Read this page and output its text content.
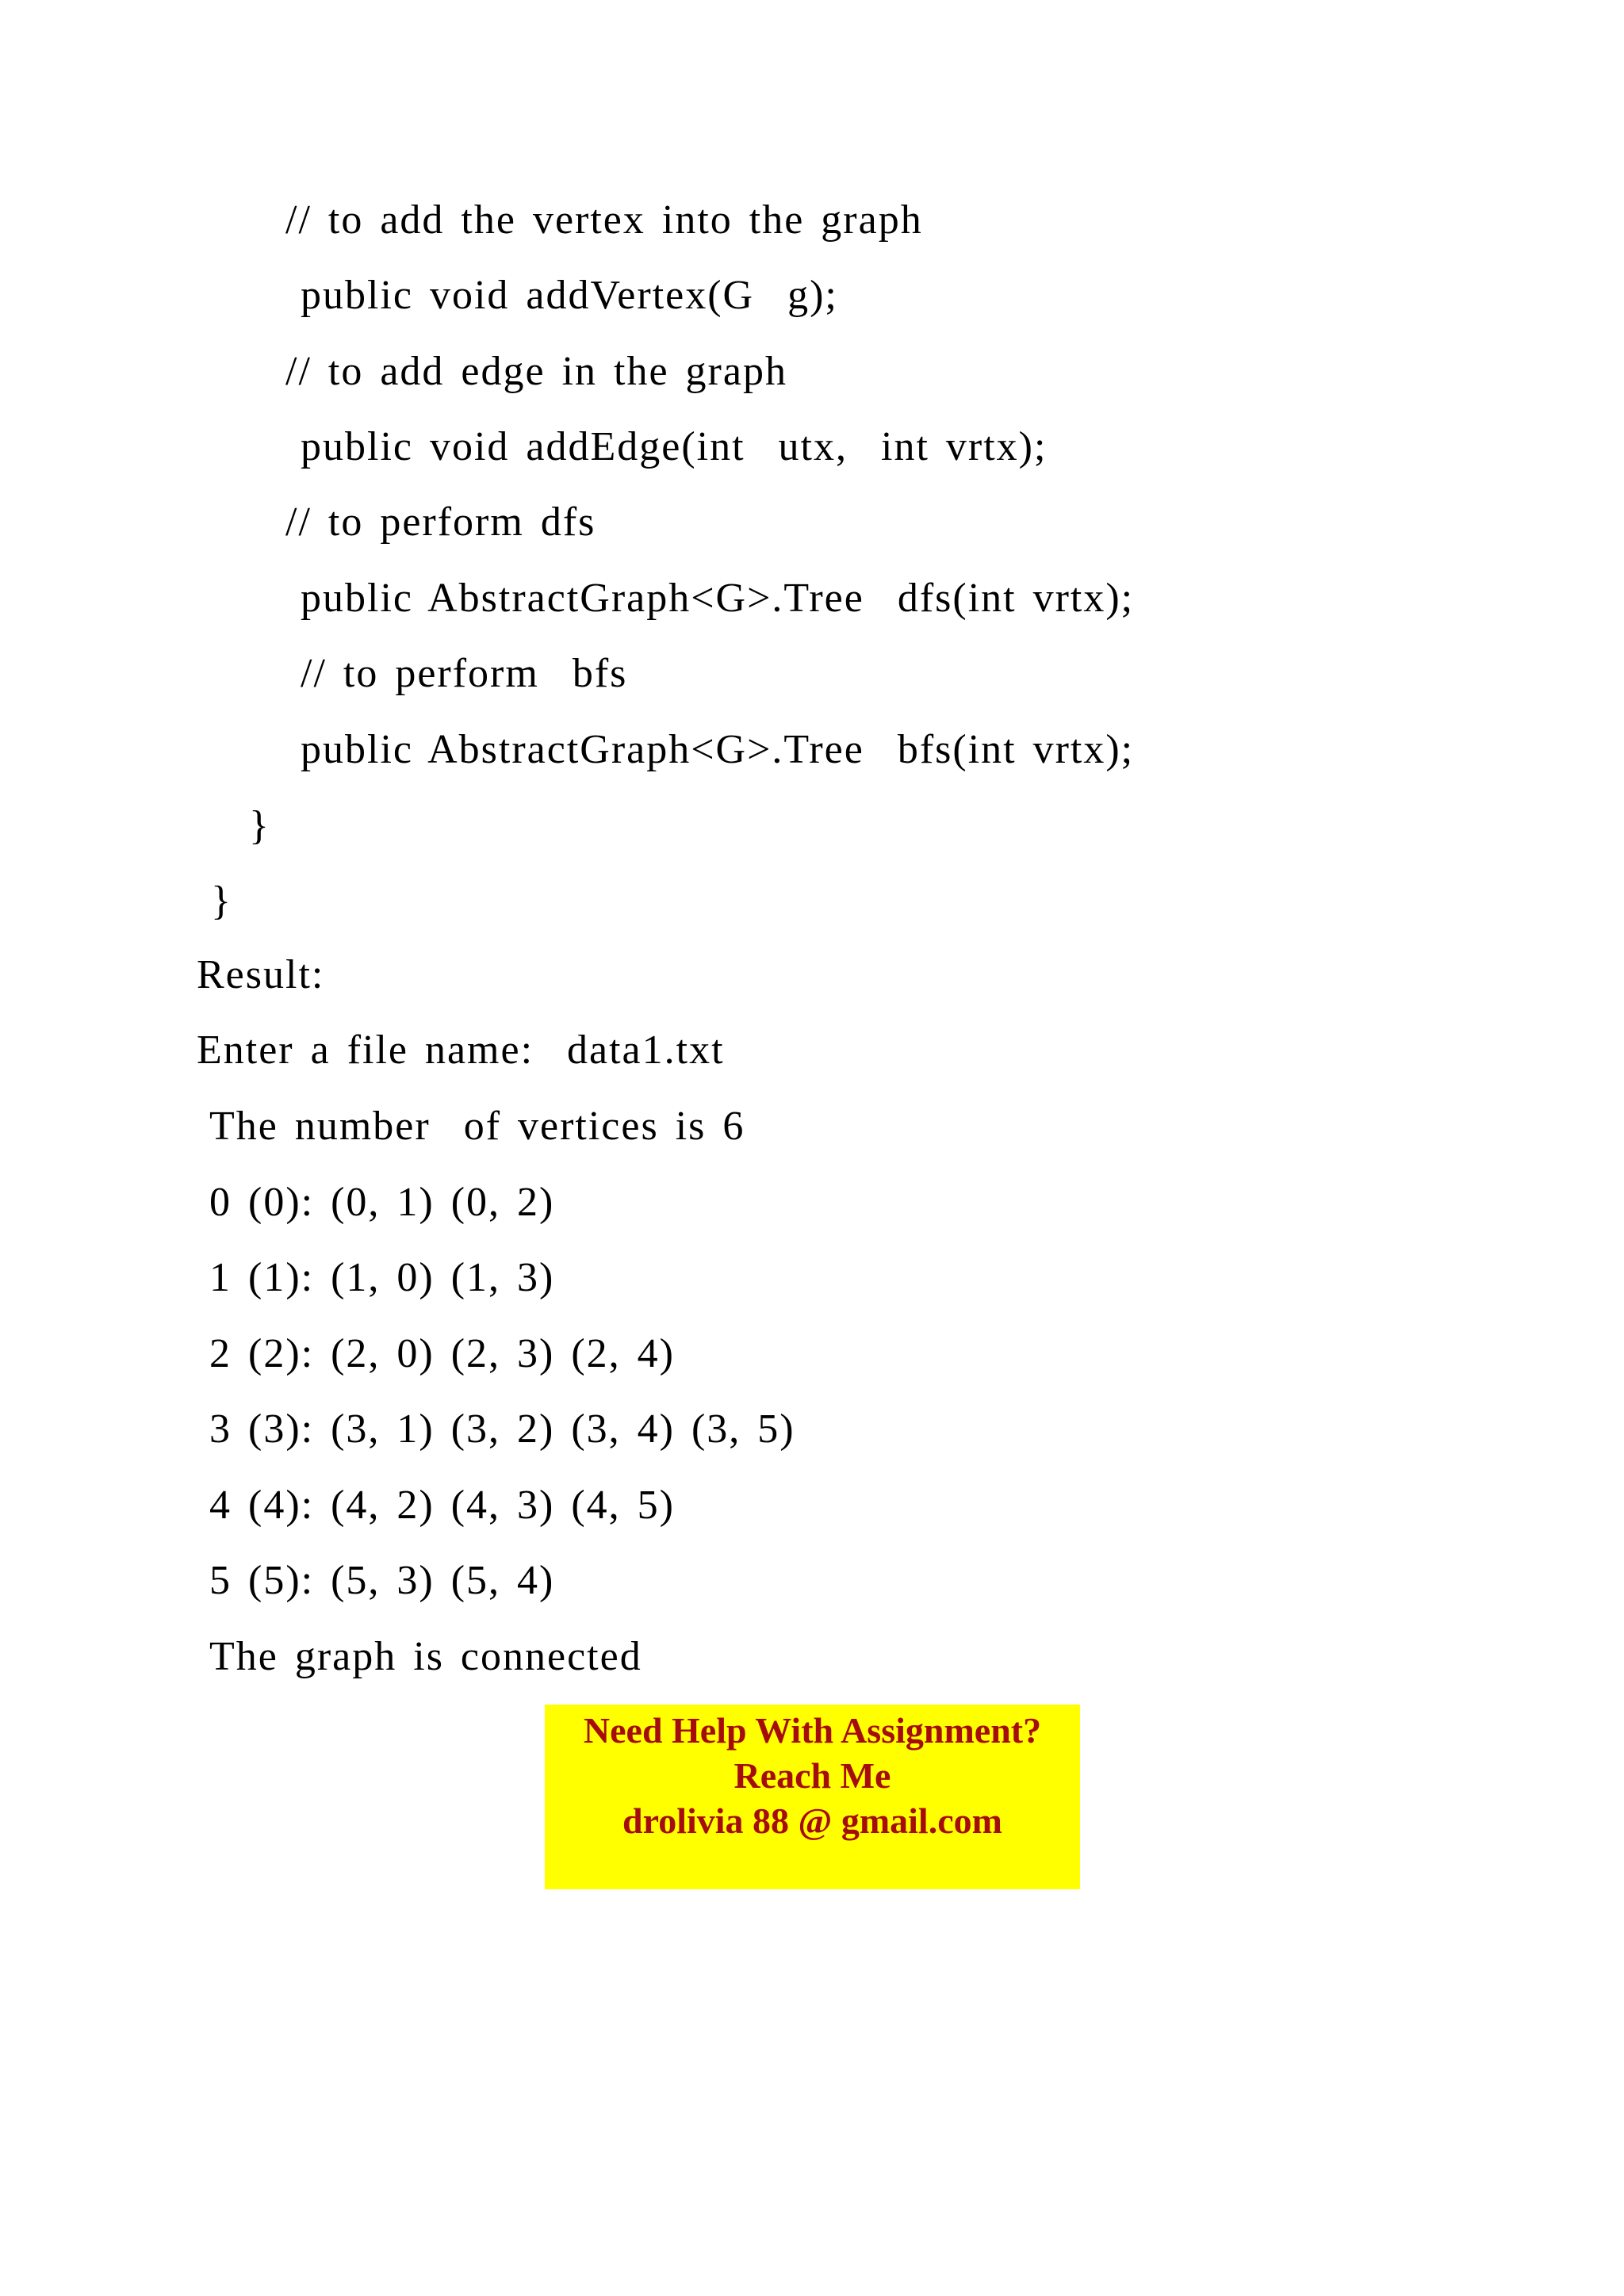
// to add the vertex into the graph
public void addVertex(G  g);
// to add edge in the graph
public void addEdge(int  utx,  int vrtx);
// to perform dfs
public AbstractGraph<G>.Tree  dfs(int vrtx);
// to perform  bfs
public AbstractGraph<G>.Tree  bfs(int vrtx);
}
}
Result:
Enter a file name:  data1.txt
The number  of vertices is 6
0 (0): (0, 1) (0, 2)
1 (1): (1, 0) (1, 3)
2 (2): (2, 0) (2, 3) (2, 4)
3 (3): (3, 1) (3, 2) (3, 4) (3, 5)
4 (4): (4, 2) (4, 3) (4, 5)
5 (5): (5, 3) (5, 4)
The graph is connected
Need Help With Assignment?
Reach Me
drolivia 88 @ gmail.com
